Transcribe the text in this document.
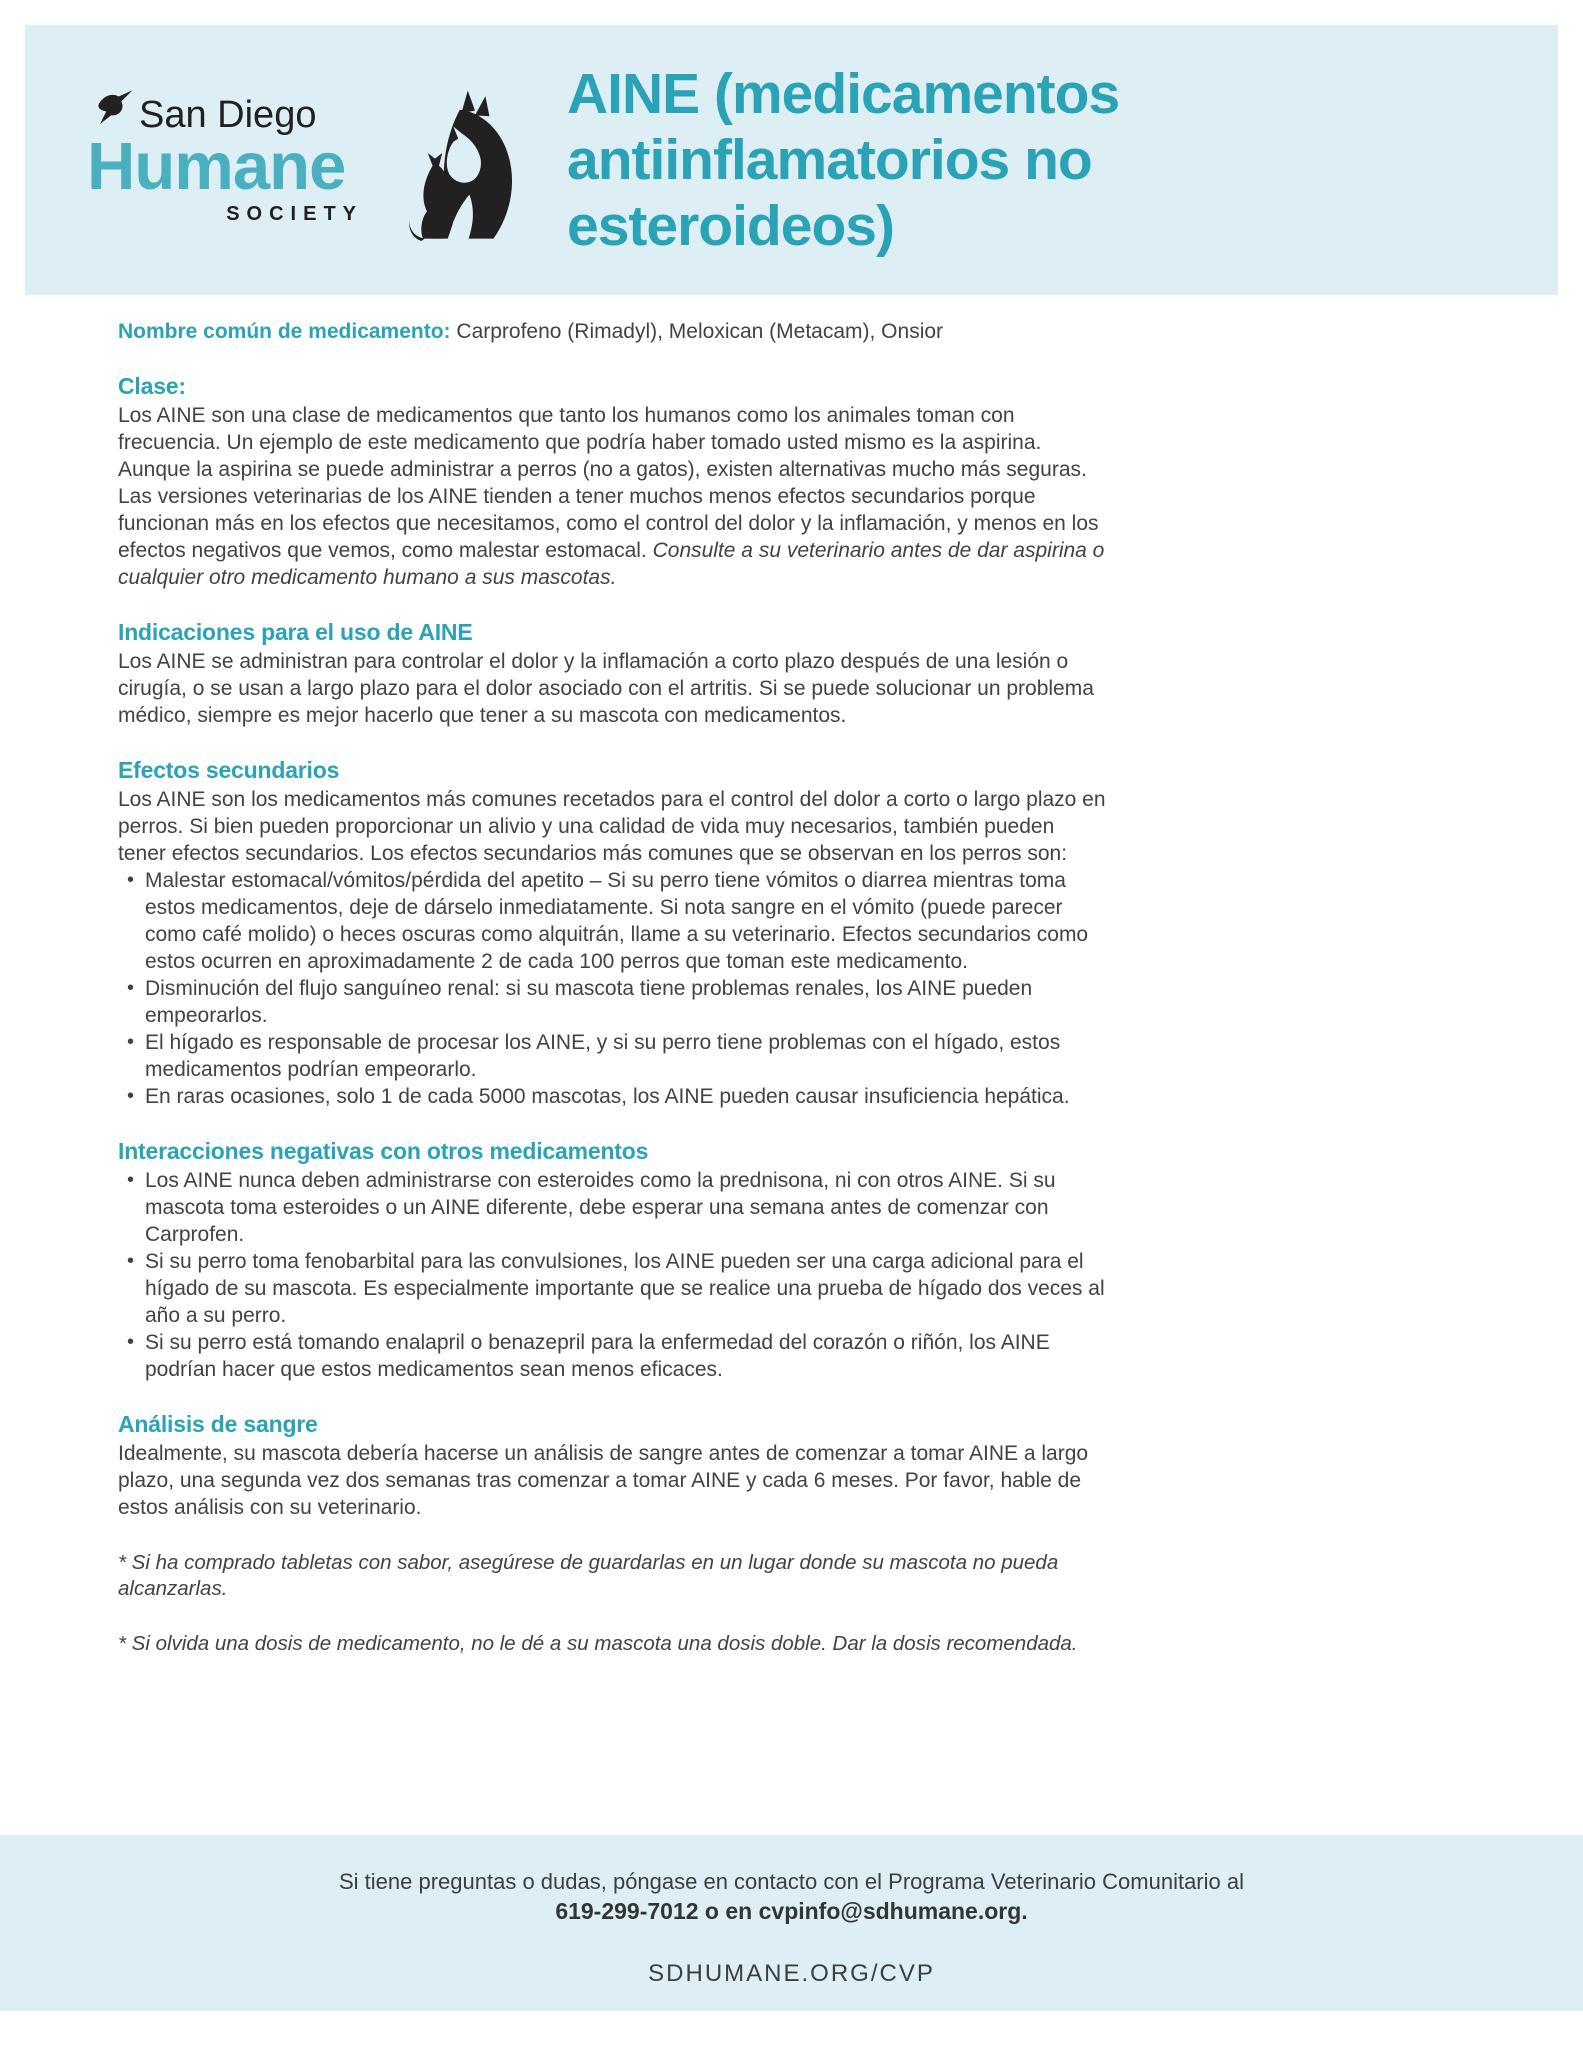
San Diego
Humane
SOCIETY
AINE (medicamentos
antiinflamatorios no
esteroideos)
Nombre común de medicamento: Carprofeno (Rimadyl), Meloxican (Metacam), Onsior
Clase:

Los AINE son una clase de medicamentos que tanto los humanos como los animales toman con frecuencia. Un ejemplo de este medicamento que podría haber tomado usted mismo es la aspirina. Aunque la aspirina se puede administrar a perros (no a gatos), existen alternativas mucho más seguras. Las versiones veterinarias de los AINE tienden a tener muchos menos efectos secundarios porque funcionan más en los efectos que necesitamos, como el control del dolor y la inflamación, y menos en los efectos negativos que vemos, como malestar estomacal. Consulte a su veterinario antes de dar aspirina o cualquier otro medicamento humano a sus mascotas.

Indicaciones para el uso de AINE

Los AINE se administran para controlar el dolor y la inflamación a corto plazo después de una lesión o cirugía, o se usan a largo plazo para el dolor asociado con el artritis. Si se puede solucionar un problema médico, siempre es mejor hacerlo que tener a su mascota con medicamentos.

Efectos secundarios

Los AINE son los medicamentos más comunes recetados para el control del dolor a corto o largo plazo en perros. Si bien pueden proporcionar un alivio y una calidad de vida muy necesarios, también pueden tener efectos secundarios. Los efectos secundarios más comunes que se observan en los perros son:

• Malestar estomacal/vómitos/pérdida del apetito – Si su perro tiene vómitos o diarrea mientras toma estos medicamentos, deje de dárselo inmediatamente. Si nota sangre en el vómito (puede parecer como café molido) o heces oscuras como alquitrán, llame a su veterinario. Efectos secundarios como estos ocurren en aproximadamente 2 de cada 100 perros que toman este medicamento.
• Disminución del flujo sanguíneo renal: si su mascota tiene problemas renales, los AINE pueden empeorarlos.
• El hígado es responsable de procesar los AINE, y si su perro tiene problemas con el hígado, estos medicamentos podrían empeorarlo.
• En raras ocasiones, solo 1 de cada 5000 mascotas, los AINE pueden causar insuficiencia hepática.
Interacciones negativas con otros medicamentos
• Los AINE nunca deben administrarse con esteroides como la prednisona, ni con otros AINE. Si su mascota toma esteroides o un AINE diferente, debe esperar una semana antes de comenzar con Carprofen.
• Si su perro toma fenobarbital para las convulsiones, los AINE pueden ser una carga adicional para el hígado de su mascota. Es especialmente importante que se realice una prueba de hígado dos veces al año a su perro.
• Si su perro está tomando enalapril o benazepril para la enfermedad del corazón o riñón, los AINE podrían hacer que estos medicamentos sean menos eficaces.
Análisis de sangre

Idealmente, su mascota debería hacerse un análisis de sangre antes de comenzar a tomar AINE a largo plazo, una segunda vez dos semanas tras comenzar a tomar AINE y cada 6 meses. Por favor, hable de estos análisis con su veterinario.

* Si ha comprado tabletas con sabor, asegúrese de guardarlas en un lugar donde su mascota no pueda alcanzarlas.
* Si olvida una dosis de medicamento, no le dé a su mascota una dosis doble. Dar la dosis recomendada.
Si tiene preguntas o dudas, póngase en contacto con el Programa Veterinario Comunitario al
619-299-7012 o en cvpinfo@sdhumane.org.
SDHUMANE.ORG/CVP
